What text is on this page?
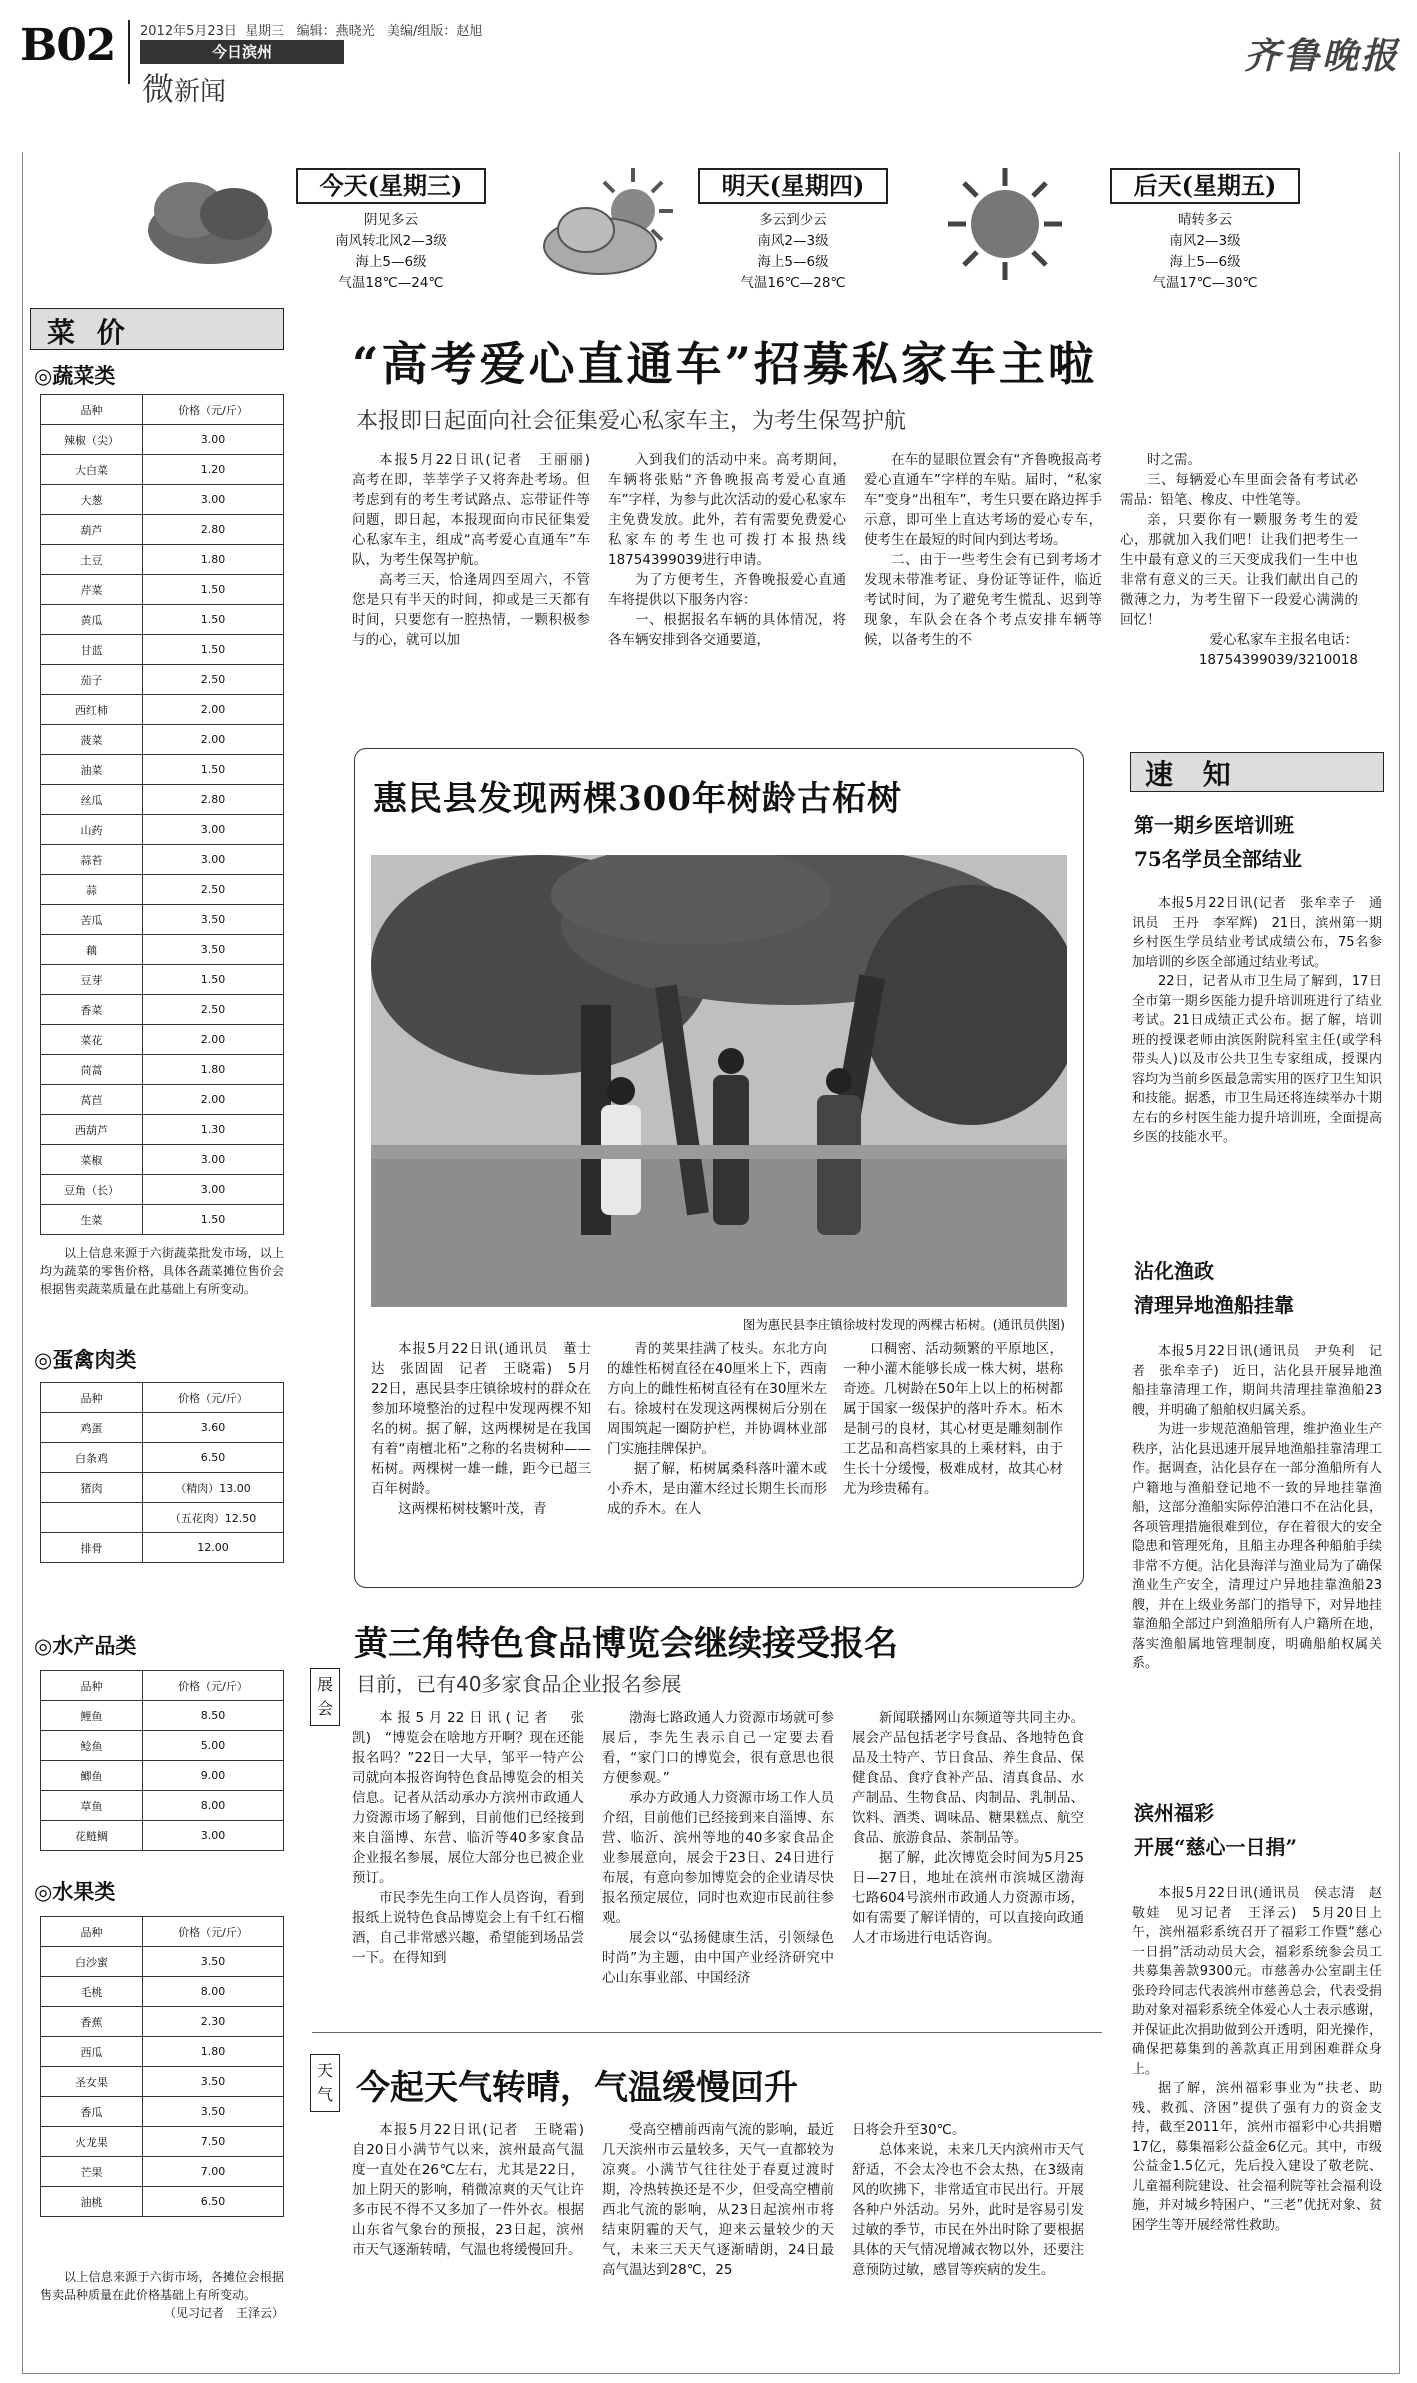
B02 2012年5月23日 星期三 编辑：燕晓光 美编/组版：赵旭
今日滨州
微新闻
齐鲁晚报
今天(星期三)
阴见多云
南风转北风2—3级
海上5—6级
气温18℃—24℃
明天(星期四)
多云到少云
南风2—3级
海上5—6级
气温16℃—28℃
后天(星期五)
晴转多云
南风2—3级
海上5—6级
气温17℃—30℃
菜 价
◎蔬菜类
品种	价格（元/斤）
辣椒（尖）	3.00
大白菜	1.20
大葱	3.00
葫芦	2.80
土豆	1.80
芹菜	1.50
黄瓜	1.50
甘蓝	1.50
茄子	2.50
西红柿	2.00
菠菜	2.00
油菜	1.50
丝瓜	2.80
山药	3.00
蒜苔	3.00
蒜	2.50
苦瓜	3.50
藕	3.50
豆芽	1.50
香菜	2.50
菜花	2.00
茼蒿	1.80
莴苣	2.00
西葫芦	1.30
菜椒	3.00
豆角（长）	3.00
生菜	1.50
以上信息来源于六街蔬菜批发市场，以上均为蔬菜的零售价格，具体各蔬菜摊位售价会根据售卖蔬菜质量在此基础上有所变动。
◎蛋禽肉类
品种	价格（元/斤）
鸡蛋	3.60
白条鸡	6.50
猪肉	（精肉）13.00
	（五花肉）12.50
排骨	12.00
◎水产品类
品种	价格（元/斤）
鲤鱼	8.50
鲶鱼	5.00
鲫鱼	9.00
草鱼	8.00
花鲢鲷	3.00
◎水果类
品种	价格（元/斤）
白沙蜜	3.50
毛桃	8.00
香蕉	2.30
西瓜	1.80
圣女果	3.50
香瓜	3.50
火龙果	7.50
芒果	7.00
油桃	6.50
以上信息来源于六街市场，各摊位会根据售卖品种质量在此价格基础上有所变动。
（见习记者　王泽云）
“高考爱心直通车”招募私家车主啦
本报即日起面向社会征集爱心私家车主，为考生保驾护航

本报5月22日讯(记者　王丽丽)　高考在即，莘莘学子又将奔赴考场。但考虑到有的考生考试路点、忘带证件等问题，即日起，本报现面向市民征集爱心私家车主，组成“高考爱心直通车”车队，为考生保驾护航。

高考三天，恰逢周四至周六，不管您是只有半天的时间，抑或是三天都有时间，只要您有一腔热情，一颗积极参与的心，就可以加

入到我们的活动中来。高考期间，车辆将张贴“齐鲁晚报高考爱心直通车”字样，为参与此次活动的爱心私家车主免费发放。此外，若有需要免费爱心私家车的考生也可拨打本报热线18754399039进行申请。

为了方便考生，齐鲁晚报爱心直通车将提供以下服务内容：

一、根据报名车辆的具体情况，将各车辆安排到各交通要道，

在车的显眼位置会有“齐鲁晚报高考爱心直通车”字样的车贴。届时，“私家车”变身“出租车”，考生只要在路边挥手示意，即可坐上直达考场的爱心专车，使考生在最短的时间内到达考场。

二、由于一些考生会有已到考场才发现未带准考证、身份证等证件，临近考试时间，为了避免考生慌乱、迟到等现象，车队会在各个考点安排车辆等候，以备考生的不

时之需。

三、每辆爱心车里面会备有考试必需品：铅笔、橡皮、中性笔等。

亲，只要你有一颗服务考生的爱心，那就加入我们吧！让我们把考生一生中最有意义的三天变成我们一生中也非常有意义的三天。让我们献出自己的微薄之力，为考生留下一段爱心满满的回忆！

爱心私家车主报名电话：18754399039/3210018

速 知
第一期乡医培训班
75名学员全部结业

本报5月22日讯(记者　张牟幸子　通讯员　王丹　李军辉)　21日，滨州第一期乡村医生学员结业考试成绩公布，75名参加培训的乡医全部通过结业考试。

22日，记者从市卫生局了解到，17日全市第一期乡医能力提升培训班进行了结业考试。21日成绩正式公布。据了解，培训班的授课老师由滨医附院科室主任(或学科带头人)以及市公共卫生专家组成，授课内容均为当前乡医最急需实用的医疗卫生知识和技能。据悉，市卫生局还将连续举办十期左右的乡村医生能力提升培训班，全面提高乡医的技能水平。

沾化渔政
清理异地渔船挂靠

本报5月22日讯(通讯员　尹奂利　记者　张牟幸子)　近日，沾化县开展异地渔船挂靠清理工作，期间共清理挂靠渔船23艘，并明确了船舶权归属关系。

为进一步规范渔船管理，维护渔业生产秩序，沾化县迅速开展异地渔船挂靠清理工作。据调查，沾化县存在一部分渔船所有人户籍地与渔船登记地不一致的异地挂靠渔船，这部分渔船实际停泊港口不在沾化县，各项管理措施很难到位，存在着很大的安全隐患和管理死角，且船主办理各种船舶手续非常不方便。沾化县海洋与渔业局为了确保渔业生产安全，清理过户异地挂靠渔船23艘，并在上级业务部门的指导下，对异地挂靠渔船全部过户到渔船所有人户籍所在地，落实渔船属地管理制度，明确船舶权属关系。

滨州福彩
开展“慈心一日捐”

本报5月22日讯(通讯员　侯志清　赵敬娃　见习记者　王泽云)　5月20日上午，滨州福彩系统召开了福彩工作暨“慈心一日捐”活动动员大会，福彩系统参会员工共募集善款9300元。市慈善办公室副主任张玲玲同志代表滨州市慈善总会，代表受捐助对象对福彩系统全体爱心人士表示感谢，并保证此次捐助做到公开透明，阳光操作，确保把募集到的善款真正用到困难群众身上。

据了解，滨州福彩事业为“扶老、助残、救孤、济困”提供了强有力的资金支持，截至2011年，滨州市福彩中心共捐赠17亿，募集福彩公益金6亿元。其中，市级公益金1.5亿元，先后投入建设了敬老院、儿童福利院建设、社会福利院等社会福利设施，并对城乡特困户、“三老”优抚对象、贫困学生等开展经常性救助。

惠民县发现两棵300年树龄古柘树
图为惠民县李庄镇徐坡村发现的两棵古柘树。(通讯员供图)

本报5月22日讯(通讯员　董士达　张固固　记者　王晓霜)　5月22日，惠民县李庄镇徐坡村的群众在参加环境整治的过程中发现两棵不知名的树。据了解，这两棵树是在我国有着“南檀北柘”之称的名贵树种——柘树。两棵树一雄一雌，距今已超三百年树龄。

这两棵柘树枝繁叶茂，青

青的荚果挂满了枝头。东北方向的雄性柘树直径在40厘米上下，西南方向上的雌性柘树直径有在30厘米左右。徐坡村在发现这两棵树后分别在周围筑起一圈防护栏，并协调林业部门实施挂牌保护。

据了解，柘树属桑科落叶灌木或小乔木，是由灌木经过长期生长而形成的乔木。在人

口稠密、活动频繁的平原地区，一种小灌木能够长成一株大树，堪称奇迹。几树龄在50年上以上的柘树都属于国家一级保护的落叶乔木。柘木是制弓的良材，其心材更是雕刻制作工艺品和高档家具的上乘材料，由于生长十分缓慢，极难成材，故其心材尤为珍贵稀有。

展会
黄三角特色食品博览会继续接受报名
目前，已有40多家食品企业报名参展

本报5月22日讯(记者　张凯)　“博览会在啥地方开啊？现在还能报名吗？”22日一大早，邹平一特产公司就向本报咨询特色食品博览会的相关信息。记者从活动承办方滨州市政通人力资源市场了解到，目前他们已经接到来自淄博、东营、临沂等40多家食品企业报名参展，展位大部分也已被企业预订。

市民李先生向工作人员咨询，看到报纸上说特色食品博览会上有千红石榴酒，自己非常感兴趣，希望能到场品尝一下。在得知到

渤海七路政通人力资源市场就可参展后，李先生表示自己一定要去看看，“家门口的博览会，很有意思也很方便参观。”

承办方政通人力资源市场工作人员介绍，目前他们已经接到来自淄博、东营、临沂、滨州等地的40多家食品企业参展意向，展会于23日、24日进行布展，有意向参加博览会的企业请尽快报名预定展位，同时也欢迎市民前往参观。

展会以“弘扬健康生活，引领绿色时尚”为主题，由中国产业经济研究中心山东事业部、中国经济

新闻联播网山东频道等共同主办。展会产品包括老字号食品、各地特色食品及土特产、节日食品、养生食品、保健食品、食疗食补产品、清真食品、水产制品、生物食品、肉制品、乳制品、饮料、酒类、调味品、糖果糕点、航空食品、旅游食品、茶制品等。

据了解，此次博览会时间为5月25日—27日，地址在滨州市滨城区渤海七路604号滨州市政通人力资源市场，如有需要了解详情的，可以直接向政通人才市场进行电话咨询。

天气 今起天气转晴，气温缓慢回升

本报5月22日讯(记者　王晓霜)　自20日小满节气以来，滨州最高气温度一直处在26℃左右，尤其是22日，加上阴天的影响，稍微凉爽的天气让许多市民不得不又多加了一件外衣。根据山东省气象台的预报，23日起，滨州市天气逐渐转晴，气温也将缓慢回升。

受高空槽前西南气流的影响，最近几天滨州市云量较多，天气一直都较为凉爽。小满节气往往处于春夏过渡时期，冷热转换还是不少，但受高空槽前西北气流的影响，从23日起滨州市将结束阴霾的天气，迎来云量较少的天气，未来三天天气逐渐晴朗，24日最高气温达到28℃，25

日将会升至30℃。

总体来说，未来几天内滨州市天气舒适，不会太冷也不会太热，在3级南风的吹拂下，非常适宜市民出行。开展各种户外活动。另外，此时是容易引发过敏的季节，市民在外出时除了要根据具体的天气情况增减衣物以外，还要注意预防过敏，感冒等疾病的发生。
